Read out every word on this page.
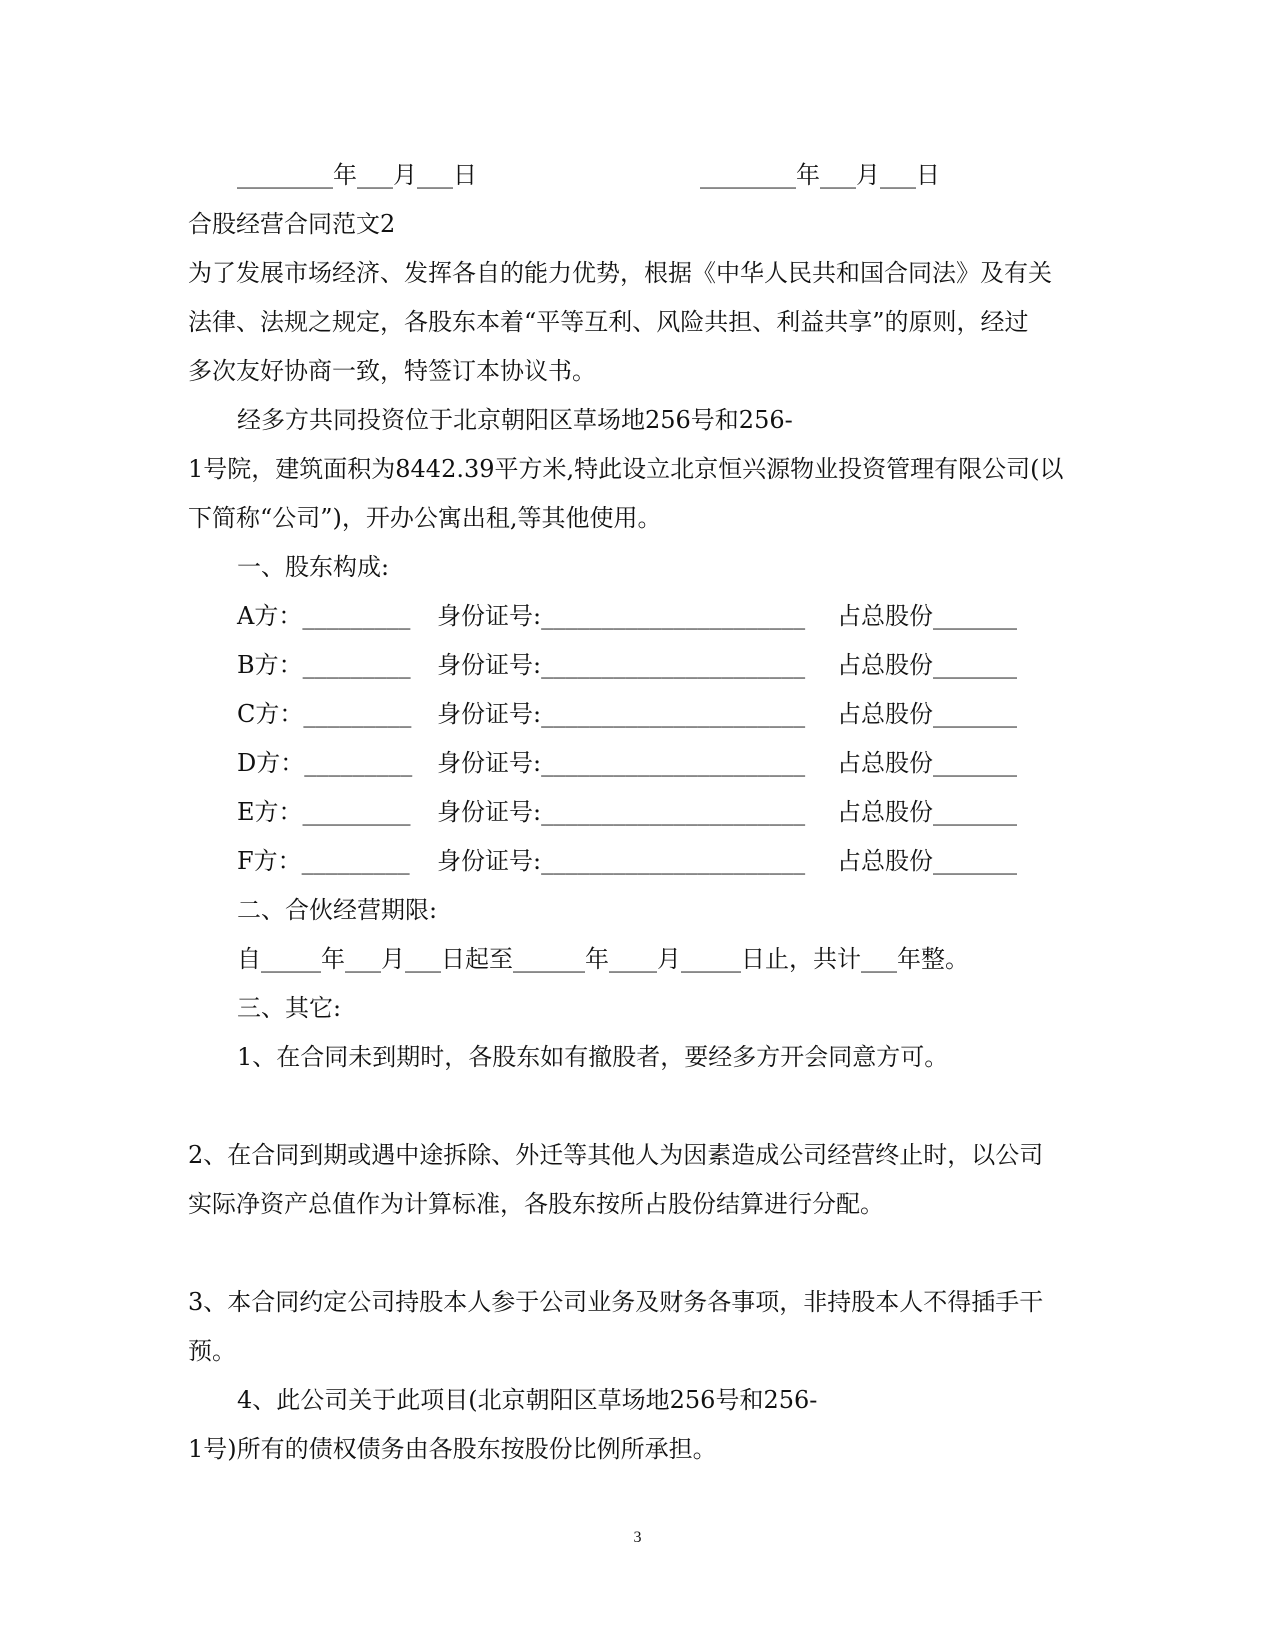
________年___月___日	________年___月___日

合股经营合同范文2

为了发展市场经济、发挥各自的能力优势，根据《中华人民共和国合同法》及有关

法律、法规之规定，各股东本着“平等互利、风险共担、利益共享”的原则，经过

多次友好协商一致，特签订本协议书。

经多方共同投资位于北京朝阳区草场地256号和256-

1号院，建筑面积为8442.39平方米,特此设立北京恒兴源物业投资管理有限公司(以

下简称“公司”)，开办公寓出租,等其他使用。

一、股东构成:

A方：_________ 身份证号:______________________ 占总股份_______

B方：_________ 身份证号:______________________ 占总股份_______

C方：_________ 身份证号:______________________ 占总股份_______

D方：_________ 身份证号:______________________ 占总股份_______

E方：_________ 身份证号:______________________ 占总股份_______

F方：_________ 身份证号:______________________ 占总股份_______

二、合伙经营期限:

自_____年___月___日起至______年____月_____日止，共计___年整。

三、其它:

1、在合同未到期时，各股东如有撤股者，要经多方开会同意方可。

2、在合同到期或遇中途拆除、外迁等其他人为因素造成公司经营终止时，以公司

实际净资产总值作为计算标准，各股东按所占股份结算进行分配。

3、本合同约定公司持股本人参于公司业务及财务各事项，非持股本人不得插手干

预。

4、此公司关于此项目(北京朝阳区草场地256号和256-

1号)所有的债权债务由各股东按股份比例所承担。

3
